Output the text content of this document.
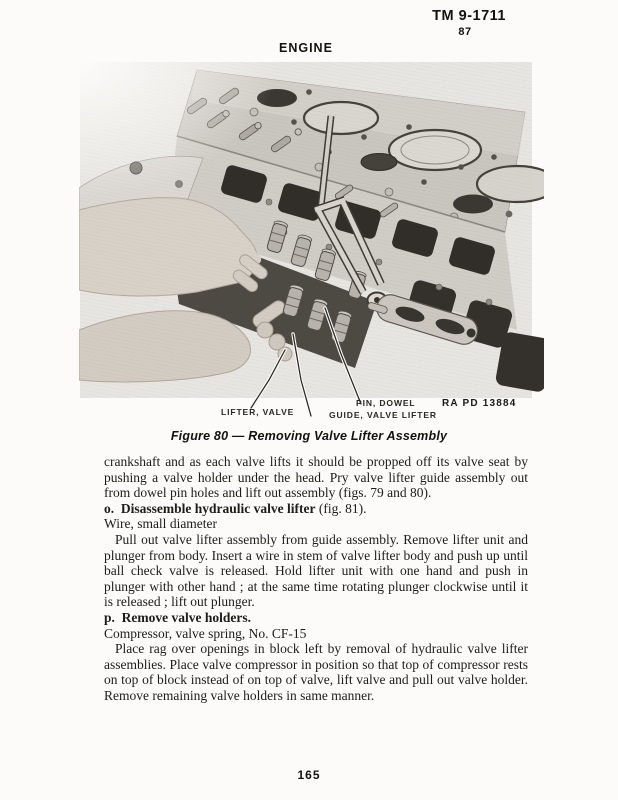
TM 9-1711
87
ENGINE
LIFTER, VALVE
PIN, DOWEL
GUIDE, VALVE LIFTER
RA PD 13884
Figure 80 — Removing Valve Lifter Assembly

crankshaft and as each valve lifts it should be propped off its valve seat by pushing a valve holder under the head. Pry valve lifter guide assembly out from dowel pin holes and lift out assembly (figs. 79 and 80).

o. Disassemble hydraulic valve lifter (fig. 81).

Wire, small diameter

Pull out valve lifter assembly from guide assembly. Remove lifter unit and plunger from body. Insert a wire in stem of valve lifter body and push up until ball check valve is released. Hold lifter unit with one hand and push in plunger with other hand ; at the same time rotating plunger clockwise until it is released ; lift out plunger.

p. Remove valve holders.

Compressor, valve spring, No. CF-15

Place rag over openings in block left by removal of hydraulic valve lifter assemblies. Place valve compressor in position so that top of compressor rests on top of block instead of on top of valve, lift valve and pull out valve holder. Remove remaining valve holders in same manner.

165
